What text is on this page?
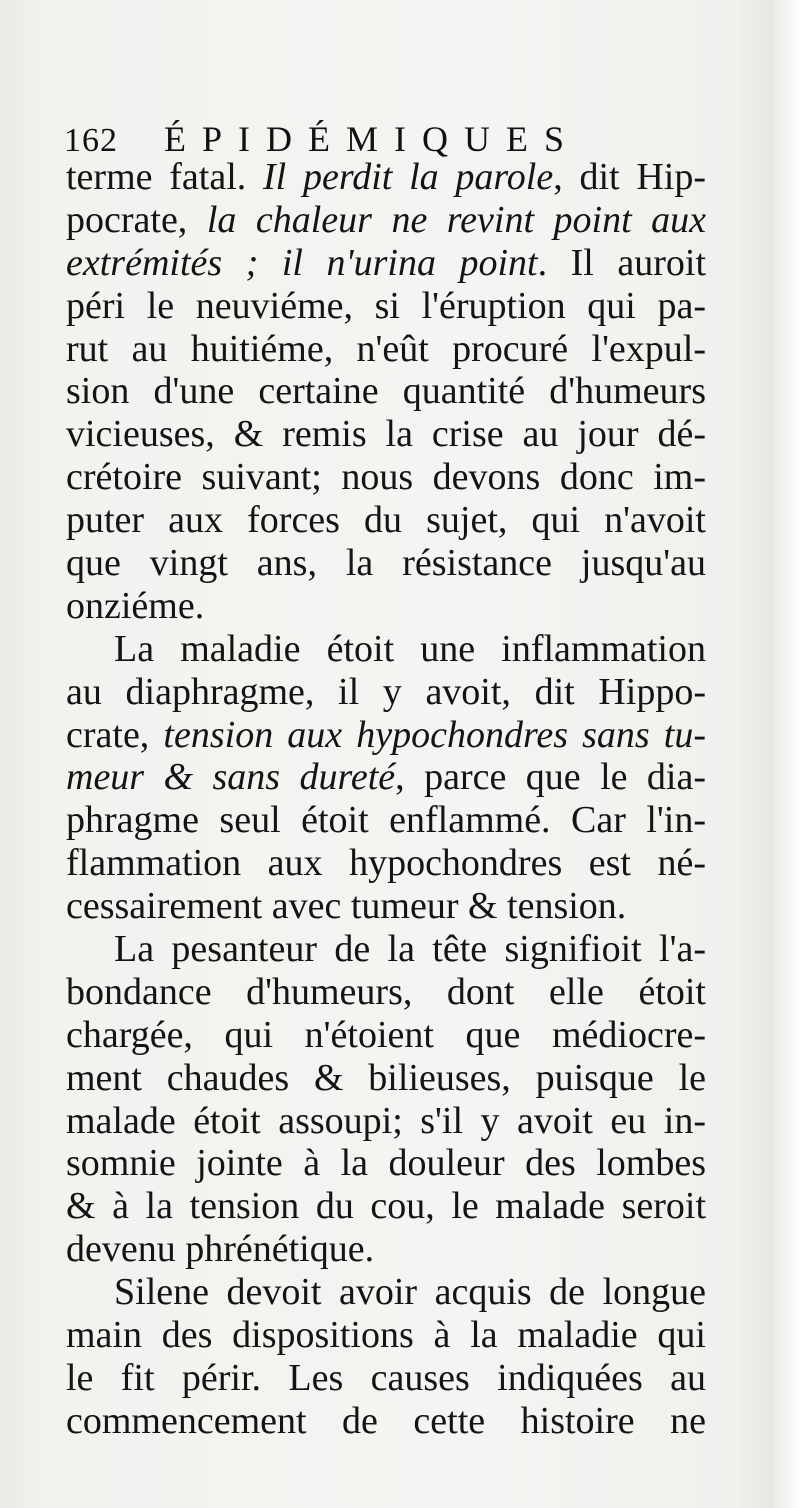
162 ÉPIDÉMIQUES
terme fatal. Il perdit la parole, dit Hip-
pocrate, la chaleur ne revint point aux
extrémités ; il n'urina point. Il auroit
péri le neuviéme, si l'éruption qui pa-
rut au huitiéme, n'eût procuré l'expul-
sion d'une certaine quantité d'humeurs
vicieuses, & remis la crise au jour dé-
crétoire suivant; nous devons donc im-
puter aux forces du sujet, qui n'avoit
que vingt ans, la résistance jusqu'au
onziéme.
La maladie étoit une inflammation
au diaphragme, il y avoit, dit Hippo-
crate, tension aux hypochondres sans tu-
meur & sans dureté, parce que le dia-
phragme seul étoit enflammé. Car l'in-
flammation aux hypochondres est né-
cessairement avec tumeur & tension.
La pesanteur de la tête signifioit l'a-
bondance d'humeurs, dont elle étoit
chargée, qui n'étoient que médiocre-
ment chaudes & bilieuses, puisque le
malade étoit assoupi; s'il y avoit eu in-
somnie jointe à la douleur des lombes
& à la tension du cou, le malade seroit
devenu phrénétique.
Silene devoit avoir acquis de longue
main des dispositions à la maladie qui
le fit périr. Les causes indiquées au
commencement de cette histoire ne
